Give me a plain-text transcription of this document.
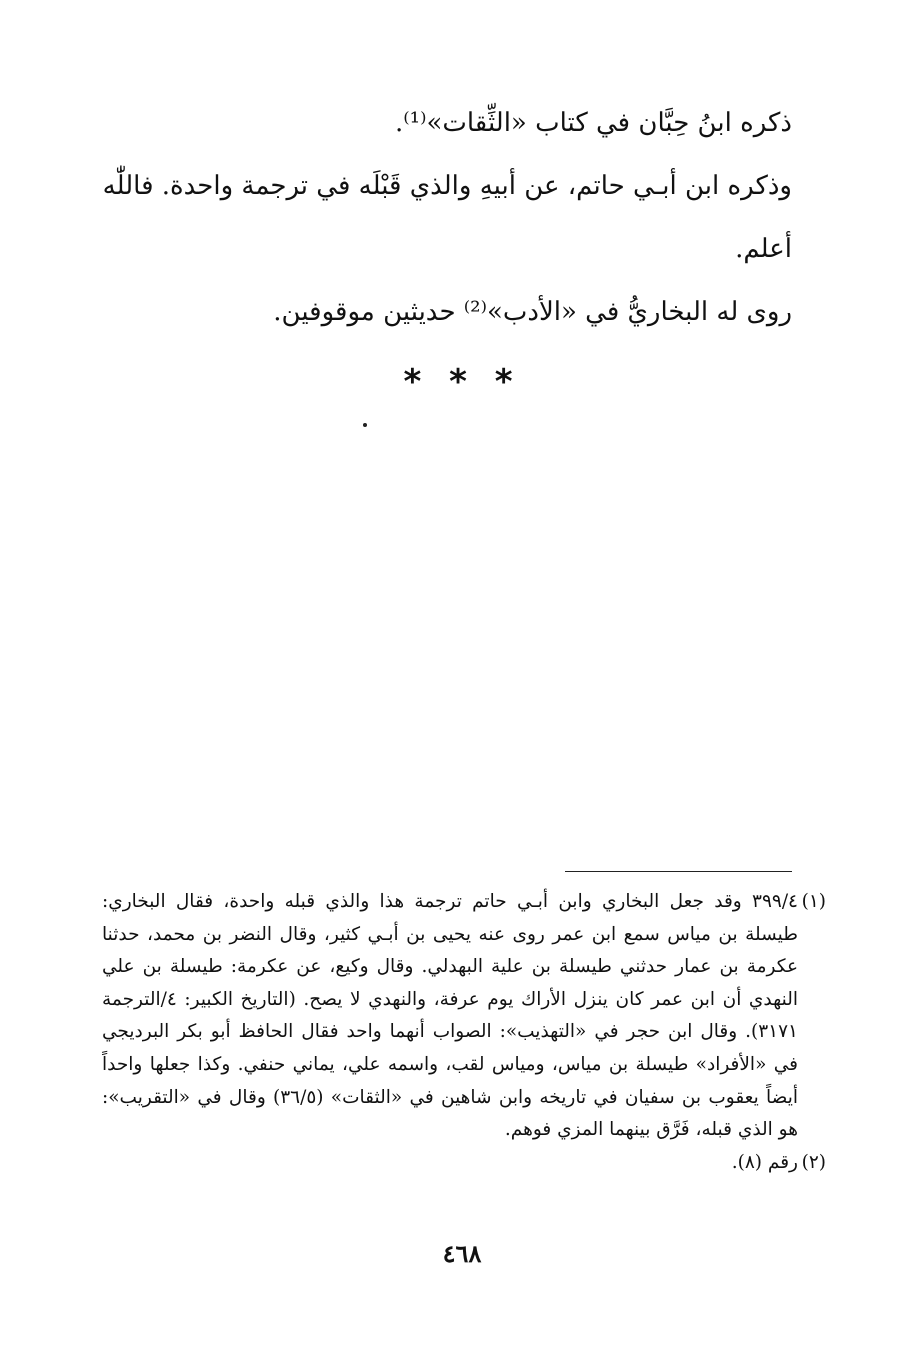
ذكره ابنُ حِبَّان في كتاب «الثِّقات»⁽¹⁾.

وذكره ابن أبـي حاتم، عن أبيهِ والذي قَبْلَه في ترجمة واحدة. فاللّٰه أعلم.

روى له البخاريُّ في «الأدب»⁽²⁾ حديثين موقوفين.

* * *

(١)
٣٩٩/٤ وقد جعل البخاري وابن أبـي حاتم ترجمة هذا والذي قبله واحدة، فقال البخاري: طيسلة بن مياس سمع ابن عمر روى عنه يحيى بن أبـي كثير، وقال النضر بن محمد، حدثنا عكرمة بن عمار حدثني طيسلة بن علية البهدلي. وقال وكيع، عن عكرمة: طيسلة بن علي النهدي أن ابن عمر كان ينزل الأراك يوم عرفة، والنهدي لا يصح. (التاريخ الكبير: ٤/الترجمة ٣١٧١). وقال ابن حجر في «التهذيب»: الصواب أنهما واحد فقال الحافظ أبو بكر البرديجي في «الأفراد» طيسلة بن مياس، ومياس لقب، واسمه علي، يماني حنفي. وكذا جعلها واحداً أيضاً يعقوب بن سفيان في تاريخه وابن شاهين في «الثقات» (٣٦/٥) وقال في «التقريب»: هو الذي قبله، فَرَّق بينهما المزي فوهم.

(٢)
رقم (٨).

٤٦٨
